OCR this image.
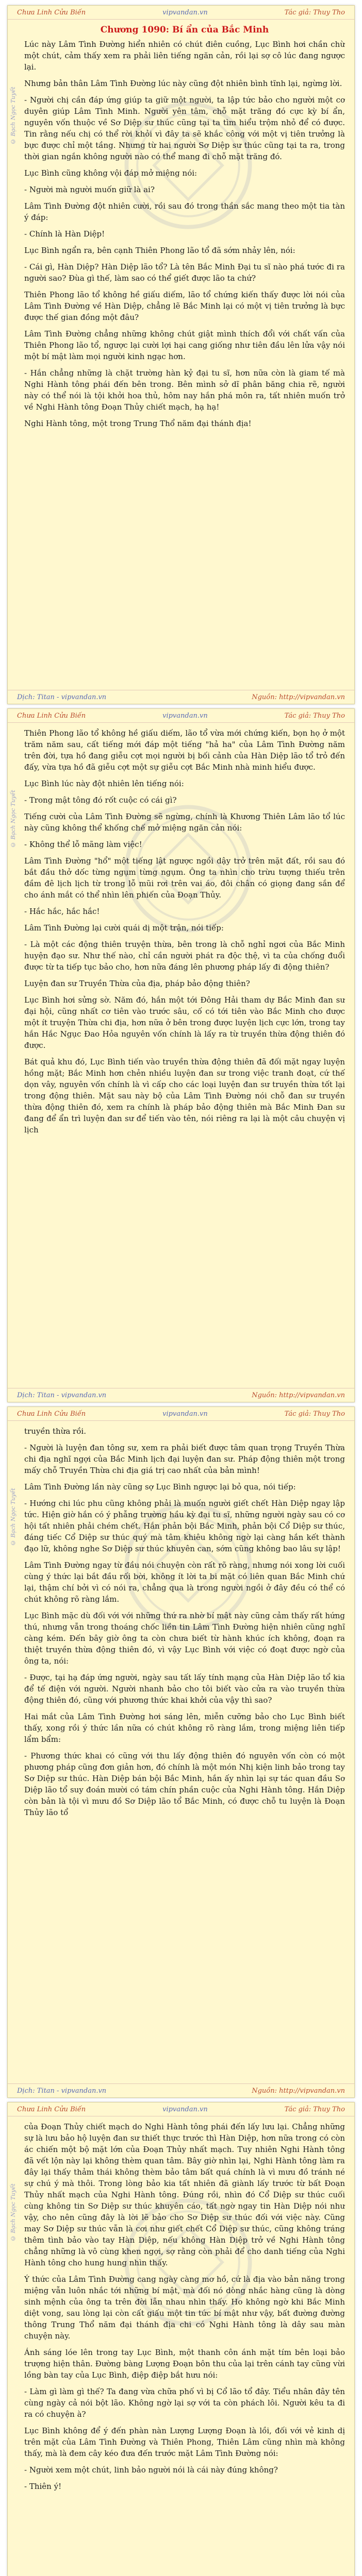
Chưa Linh Cửu Biến	vipvandan.vn	Tác giả: Thuy Tho
© Bạch Ngọc Tuyết
Chương 1090: Bí ẩn của Bắc Minh

Lúc này Lâm Tình Đường hiển nhiên có chút điên cuồng, Lục Bình hơi chần chừ một chút, cảm thấy xem ra phải liên tiếng ngăn cản, rồi lại sợ cô lúc đang ngược lại.

Nhưng bản thân Lâm Tình Đường lúc này cũng đột nhiên bình tĩnh lại, ngừng lời.

- Người chị cần đáp ứng giúp ta giữ một người, ta lập tức bảo cho người một cơ duyên giúp Lâm Tình Minh. Người yên tâm, chỗ mặt trăng đó cực kỳ bí ẩn, nguyên vốn thuộc về Sơ Diệp sư thúc cũng tại ta tìm hiểu trộm nhỏ để có được. Tin rằng nếu chị có thể rời khỏi vì đây ta sẽ khắc công với một vị tiên trưởng là bực được chỉ một tầng. Nhưng từ hai người Sơ Diệp sư thúc cũng tại ta ra, trong thời gian ngắn không người nào có thể mang đi chỗ mặt trăng đó.

Lục Bình cũng không vội đáp mở miệng nói:

- Người mà người muốn giữ là ai?

Lâm Tình Đường đột nhiên cười, rồi sau đó trong thần sắc mang theo một tia tàn ý đáp:

- Chính là Hàn Diệp!

Lục Bình ngẩn ra, bên cạnh Thiên Phong lão tổ đã sớm nhảy lên, nói:

- Cái gì, Hàn Diệp? Hàn Diệp lão tổ? Là tên Bắc Minh Đại tu sĩ nào phá tước đi ra người sao? Đùa gì thế, làm sao có thể giết được lão ta chứ?

Thiên Phong lão tổ không hề giấu diếm, lão tổ chứng kiến thấy được lời nói của Lâm Tình Đường về Hàn Diệp, chẳng lẽ Bắc Minh lại có một vị tiên trưởng là bực được thế gian đồng một đâu?

Lâm Tình Đường chẳng những không chút giật mình thích đổi với chất vấn của Thiên Phong lão tổ, ngược lại cười lợi hại cang giống như tiên đầu lên lửa vậy nói một bí mật làm mọi người kinh ngạc hơn.

- Hắn chẳng những là chặt trường hàn kỷ đại tu sĩ, hơn nữa còn là giam tế mà Nghi Hành tông phái đến bên trong. Bên mình sở dĩ phân băng chia rẽ, người này có thể nói là tội khởi hoa thủ, hôm nay hắn phá môn ra, tất nhiên muốn trở về Nghi Hành tông Đoạn Thủy chiết mạch, hạ hạ!

Nghi Hành tông, một trong Trung Thổ năm đại thánh địa!

Dịch: Titan - vipvandan.vn	Nguồn: http://vipvandan.vn
Chưa Linh Cửu Biến	vipvandan.vn	Tác giả: Thuy Tho
© Bạch Ngọc Tuyết

Thiên Phong lão tổ không hề giấu diếm, lão tổ vừa mới chứng kiến, bọn họ ở một trăm năm sau, cất tiếng mới đáp một tiếng "hả ha" của Lâm Tình Đường năm trên đời, tựa hồ đang giễu cợt mọi người bị bối cảnh của Hàn Diệp lão tổ trỏ đến đấy, vừa tựa hồ đã giễu cợt một sự giễu cợt Bắc Minh nhà minh hiểu được.

Lục Bình lúc này đột nhiên lên tiếng nói:

- Trong mật tông đó rốt cuộc có cái gì?

Tiếng cười của Lâm Tình Đường sẽ ngừng, chính là Khương Thiên Lâm lão tổ lúc này cũng không thể khống chế mở miệng ngăn cản nói:

- Không thể lỗ mãng làm việc!

Lâm Tình Đường "hổ" một tiếng lật ngược ngồi dậy trở trên mặt đất, rồi sau đó bắt đầu thở dốc từng ngụm từng ngụm. Ông ta nhìn cho trừu tượng thiếu trên đầm đê lịch lịch từ trong lỗ mũi rơi trên vai áo, đôi chân có giọng đang sắn để cho ánh mắt có thể nhìn lên phiến của Đoạn Thủy.

- Hắc hắc, hắc hắc!

Lâm Tình Đường lại cười quái dị một trận, nói tiếp:

- Là một các động thiên truyện thừa, bên trong là chỗ nghỉ ngơi của Bắc Minh huyện đạo sư. Như thế nào, chỉ cần người phát ra độc thệ, vì ta của chống đuổi được từ ta tiếp tục bảo cho, hơn nữa đáng lên phương pháp lấy đi động thiên?

Luyện đan sư Truyền Thừa của địa, pháp bảo động thiên?

Lục Bình hơi sửng sờ. Năm đó, hắn một tới Đông Hải tham dự Bắc Minh đan sư đại hội, cũng nhất cơ tiên vào trước sâu, cố có tới tiên vào Bắc Minh cho được một ít truyện Thừa chi địa, hơn nữa ở bên trong được luyện lịch cực lớn, trong tay hắn Hắc Ngục Đao Hỏa nguyên vốn chính là lấy ra từ truyền thừa động thiên đó được.

Bát quả khu đó, Lục Bình tiến vào truyền thừa động thiên đã đối mặt ngay luyện hồng mặt; Bắc Minh hơn chẻn nhiều luyện đan sư trong việc tranh đoạt, cứ thế dọn vây, nguyên vốn chính là vì cấp cho các loại luyện đan sư truyền thừa tốt lại trong động thiên. Mặt sau này bộ của Lâm Tình Đường nói chỗ đan sư truyền thừa động thiên đó, xem ra chính là pháp bảo động thiên mà Bắc Minh Đan sư đang để ẩn trì luyện đan sư để tiến vào tên, nói riêng ra lại là một câu chuyện vị lịch

Dịch: Titan - vipvandan.vn	Nguồn: http://vipvandan.vn
Chưa Linh Cửu Biến	vipvandan.vn	Tác giả: Thuy Tho
© Bạch Ngọc Tuyết

truyền thừa rồi.

- Người là luyện đan tông sư, xem ra phải biết được tâm quan trọng Truyền Thừa chi địa nghĩ ngợi của Bắc Minh lịch đại luyện đan sư. Pháp động thiên một trong mấy chỗ Truyền Thừa chi địa giá trị cao nhất của bản mình!

Lâm Tình Đường lần này cũng sợ Lục Bình ngược lại bỏ qua, nói tiếp:

- Hướng chi lúc phu cũng không phải là muốn người giết chết Hàn Diệp ngay lập tức. Hiện giờ hắn có ý phẫng trường hầu kỳ đại tu sĩ, những người ngày sau có cơ hội tất nhiên phải chém chết. Hắn phản bội Bắc Minh, phản bội Cổ Diệp sư thúc, đáng tiếc Cổ Diệp sư thúc quý mà tâm khiêu không ngờ lại càng hắn kết thành đạo lữ, không nghe Sơ Diệp sư thúc khuyên can, sớm cũng không bao lâu sự lập!

Lâm Tình Đường ngay từ đầu nói chuyện còn rất rõ ràng, nhưng nói xong lời cuối cùng ý thức lại bắt đầu rối bời, không ít lời ta bi mặt có liên quan Bắc Minh chứ lại, thậm chí bởi vì có nói ra, chẳng qua là trong người ngồi ở đây đều có thể có chút không rõ ràng lắm.

Lục Bình mặc dù đối với với những thứ ra nhờ bí mật này cũng cảm thấy rất hứng thú, nhưng vẫn trong thoáng chốc liền tin Lâm Tình Đường hiện nhiên cũng nghĩ càng kém. Đến bây giờ ông ta còn chưa biết từ hành khúc ích không, đoạn ra thiệt truyền thừa động thiên đó, vì vậy Lục Bình với việc có đoạt được ngờ của ông ta, nói:

- Được, tại hạ đáp ứng người, ngày sau tất lấy tính mạng của Hàn Diệp lão tổ kia để tế điện với người. Người nhanh bảo cho tôi biết vào cửa ra vào truyền thừa động thiên đó, cũng với phương thức khai khởi của vậy thì sao?

Hai mắt của Lâm Tình Đường hơi sáng lên, miễn cưỡng bảo cho Lục Bình biết thấy, xong rồi ý thức lần nữa có chút không rõ ràng lắm, trong miệng liên tiếp lẩm bẩm:

- Phương thức khai có cũng với thu lấy động thiên đó nguyên vốn còn có một phương pháp cũng đơn giản hơn, đó chính là một món Nhị kiện linh bảo trong tay Sơ Diệp sư thúc. Hàn Diệp bán bội Bắc Minh, hắn ấy nhìn lại sự tác quan đầu Sơ Diệp lão tổ suy đoán mười có tám chín phần cuộc của Nghi Hành tông. Hắn Diệp còn bản là tội vì mưu đồ Sơ Diệp lão tổ Bắc Minh, có được chỗ tu luyện là Đoạn Thủy lão tổ

Dịch: Titan - vipvandan.vn	Nguồn: http://vipvandan.vn
Chưa Linh Cửu Biến	vipvandan.vn	Tác giả: Thuy Tho
© Bạch Ngọc Tuyết

của Đoạn Thủy chiết mạch do Nghi Hành tông phái đến lấy lưu lại. Chẳng những sự là lưu bảo hộ luyện đan sư thiết thực trước thì Hàn Diệp, hơn nữa trong có còn ác chiến một bộ mặt lớn của Đoạn Thủy nhất mạch. Tuy nhiên Nghi Hành tông đã vết lộn này lại không thèm quan tâm. Bây giờ nhìn lại, Nghi Hành tông làm ra đây lại thấy thảm thái không thèm bảo tâm bất quá chính là vì mưu đồ tránh né sự chú ý mà thôi. Trong lòng bảo kia tất nhiên đã giành lấy trước từ bất Đoạn Thủy nhất mạch của Nghi Hành tông. Đúng rồi, nhìn đó Cổ Diệp sư thúc cuối cùng không tin Sơ Diệp sư thúc khuyên cáo, tất ngờ ngay tin Hàn Diệp nói như vậy, cho nên cũng đây là lời lẽ bảo cho Sơ Diệp sư thúc đối với việc này. Cũng may Sơ Diệp sư thúc vẫn là cơi như giết chết Cổ Diệp sư thúc, cũng không tráng thêm tình bảo vào tay Hàn Diệp, nếu không Hàn Diệp trở về Nghi Hành tông chẳng những là vô cùng khen ngợi, sợ rằng còn phải để cho danh tiếng của Nghi Hành tông cho hung hung nhìn thấy.

Ý thức của Lâm Tình Đường cang ngày càng mơ hồ, cứ là địa vào bản năng trong miệng vẫn luôn nhắc tới những bí mật, mà đối nó dòng nhắc hàng cũng là dòng sinh mệnh của ông ta trên đời lẫn nhau nhìn thấy. Ho không ngờ khi Bắc Minh diệt vong, sau lòng lại còn cất giấu một tin tức bí mật như vậy, bất đường đường thông Trung Thổ năm đại thánh địa chi có Nghi Hành tông là dây sau màn chuyện này.

Ánh sáng lóe lên trong tay Lục Bình, một thanh côn ánh mặt tím bên loại bảo trượng hiện thân. Đường bàng Lượng Đoạn bôn thu của lại trên cánh tay cũng vừi lồng bàn tay của Lục Bình, điệp điệp bắt hưu nói:

- Làm gì làm gì thế? Ta đang vừa chữa phố vì bị Cổ lão tổ đây. Tiểu nhân đây tên cùng ngày cả nói bột lão. Không ngờ lại sợ với ta còn phách lôi. Người kêu ta đi ra có chuyện à?

Lục Bình không để ý đến phàn nàn Lượng Lượng Đoạn là lồi, đối với vẻ kinh dị trên mặt của Lâm Tình Đường và Thiên Phong, Thiên Lâm cũng nhìn mà không thấy, mà là đem cây kéo đưa đến trước mặt Lâm Tình Đường nói:

- Người xem một chút, linh bảo người nói là cái này đúng không?

- Thiên ý!
